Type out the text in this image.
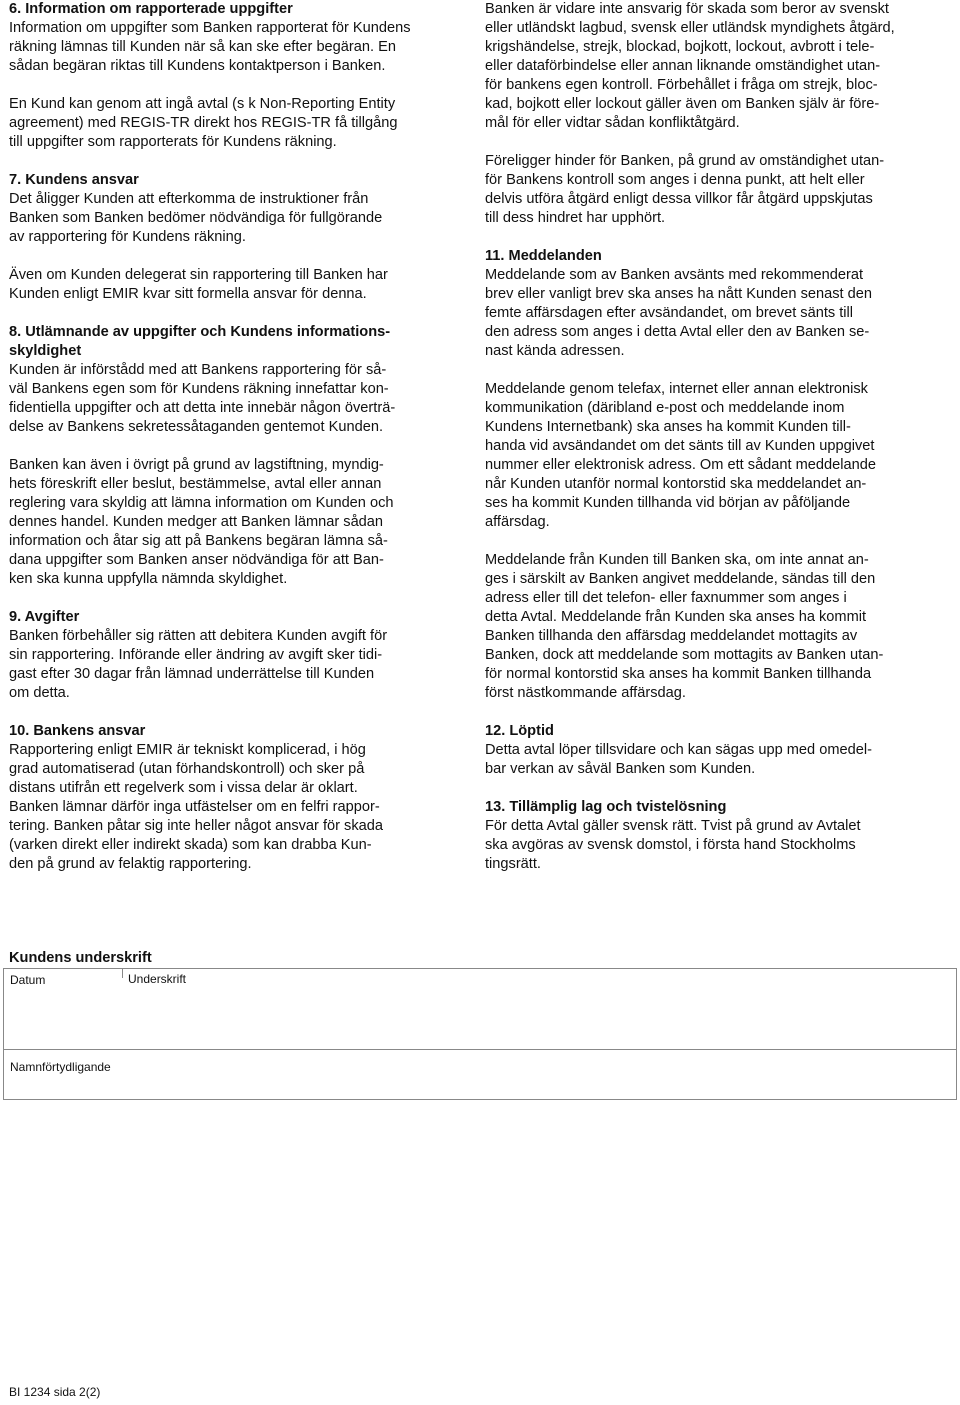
6. Information om rapporterade uppgifter

Information om uppgifter som Banken rapporterat för Kundens
räkning lämnas till Kunden när så kan ske efter begäran. En
sådan begäran riktas till Kundens kontaktperson i Banken.

En Kund kan genom att ingå avtal (s k Non-Reporting Entity
agreement) med REGIS-TR direkt hos REGIS-TR få tillgång
till uppgifter som rapporterats för Kundens räkning.

7. Kundens ansvar

Det åligger Kunden att efterkomma de instruktioner från
Banken som Banken bedömer nödvändiga för fullgörande
av rapportering för Kundens räkning.

Även om Kunden delegerat sin rapportering till Banken har
Kunden enligt EMIR kvar sitt formella ansvar för denna.

8. Utlämnande av uppgifter och Kundens informations-
skyldighet

Kunden är införstådd med att Bankens rapportering för så-
väl Bankens egen som för Kundens räkning innefattar kon-
fidentiella uppgifter och att detta inte innebär någon överträ-
delse av Bankens sekretessåtaganden gentemot Kunden.

Banken kan även i övrigt på grund av lagstiftning, myndig-
hets föreskrift eller beslut, bestämmelse, avtal eller annan
reglering vara skyldig att lämna information om Kunden och
dennes handel. Kunden medger att Banken lämnar sådan
information och åtar sig att på Bankens begäran lämna så-
dana uppgifter som Banken anser nödvändiga för att Ban-
ken ska kunna uppfylla nämnda skyldighet.

9. Avgifter

Banken förbehåller sig rätten att debitera Kunden avgift för
sin rapportering. Införande eller ändring av avgift sker tidi-
gast efter 30 dagar från lämnad underrättelse till Kunden
om detta.

10. Bankens ansvar

Rapportering enligt EMIR är tekniskt komplicerad, i hög
grad automatiserad (utan förhandskontroll) och sker på
distans utifrån ett regelverk som i vissa delar är oklart.
Banken lämnar därför inga utfästelser om en felfri rappor-
tering. Banken påtar sig inte heller något ansvar för skada
(varken direkt eller indirekt skada) som kan drabba Kun-
den på grund av felaktig rapportering.

Banken är vidare inte ansvarig för skada som beror av svenskt
eller utländskt lagbud, svensk eller utländsk myndighets åtgärd,
krigshändelse, strejk, blockad, bojkott, lockout, avbrott i tele-
eller dataförbindelse eller annan liknande omständighet utan-
för bankens egen kontroll. Förbehållet i fråga om strejk, bloc-
kad, bojkott eller lockout gäller även om Banken själv är före-
mål för eller vidtar sådan konfliktåtgärd.

Föreligger hinder för Banken, på grund av omständighet utan-
för Bankens kontroll som anges i denna punkt, att helt eller
delvis utföra åtgärd enligt dessa villkor får åtgärd uppskjutas
till dess hindret har upphört.

11. Meddelanden

Meddelande som av Banken avsänts med rekommenderat
brev eller vanligt brev ska anses ha nått Kunden senast den
femte affärsdagen efter avsändandet, om brevet sänts till
den adress som anges i detta Avtal eller den av Banken se-
nast kända adressen.

Meddelande genom telefax, internet eller annan elektronisk
kommunikation (däribland e-post och meddelande inom
Kundens Internetbank) ska anses ha kommit Kunden till-
handa vid avsändandet om det sänts till av Kunden uppgivet
nummer eller elektronisk adress. Om ett sådant meddelande
når Kunden utanför normal kontorstid ska meddelandet an-
ses ha kommit Kunden tillhanda vid början av påföljande
affärsdag.

Meddelande från Kunden till Banken ska, om inte annat an-
ges i särskilt av Banken angivet meddelande, sändas till den
adress eller till det telefon- eller faxnummer som anges i
detta Avtal. Meddelande från Kunden ska anses ha kommit
Banken tillhanda den affärsdag meddelandet mottagits av
Banken, dock att meddelande som mottagits av Banken utan-
för normal kontorstid ska anses ha kommit Banken tillhanda
först nästkommande affärsdag.

12. Löptid

Detta avtal löper tillsvidare och kan sägas upp med omedel-
bar verkan av såväl Banken som Kunden.

13. Tillämplig lag och tvistelösning

För detta Avtal gäller svensk rätt. Tvist på grund av Avtalet
ska avgöras av svensk domstol, i första hand Stockholms
tingsrätt.

Kundens underskrift

Datum	Underskrift
Namnförtydligande
BI 1234 sida 2(2)
